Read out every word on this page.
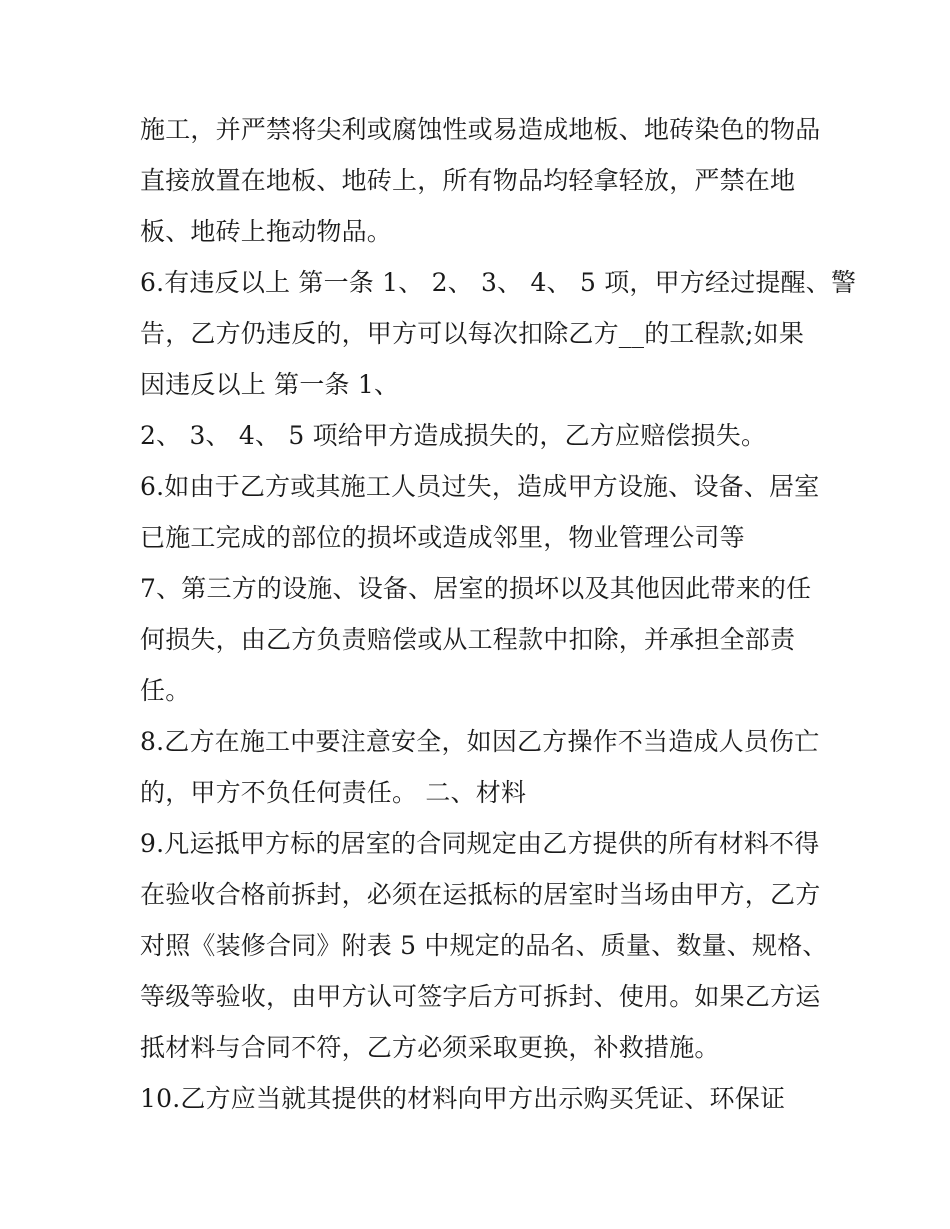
施工，并严禁将尖利或腐蚀性或易造成地板、地砖染色的物品
直接放置在地板、地砖上，所有物品均轻拿轻放，严禁在地
板、地砖上拖动物品。
6.有违反以上 第一条 1、 2、 3、 4、 5 项，甲方经过提醒、警
告，乙方仍违反的，甲方可以每次扣除乙方__的工程款;如果
因违反以上 第一条 1、
2、 3、 4、 5 项给甲方造成损失的，乙方应赔偿损失。
6.如由于乙方或其施工人员过失，造成甲方设施、设备、居室
已施工完成的部位的损坏或造成邻里，物业管理公司等
7、第三方的设施、设备、居室的损坏以及其他因此带来的任
何损失，由乙方负责赔偿或从工程款中扣除，并承担全部责
任。
8.乙方在施工中要注意安全，如因乙方操作不当造成人员伤亡
的，甲方不负任何责任。 二、材料
9.凡运抵甲方标的居室的合同规定由乙方提供的所有材料不得
在验收合格前拆封，必须在运抵标的居室时当场由甲方，乙方
对照《装修合同》附表 5 中规定的品名、质量、数量、规格、
等级等验收，由甲方认可签字后方可拆封、使用。如果乙方运
抵材料与合同不符，乙方必须采取更换，补救措施。
10.乙方应当就其提供的材料向甲方出示购买凭证、环保证
